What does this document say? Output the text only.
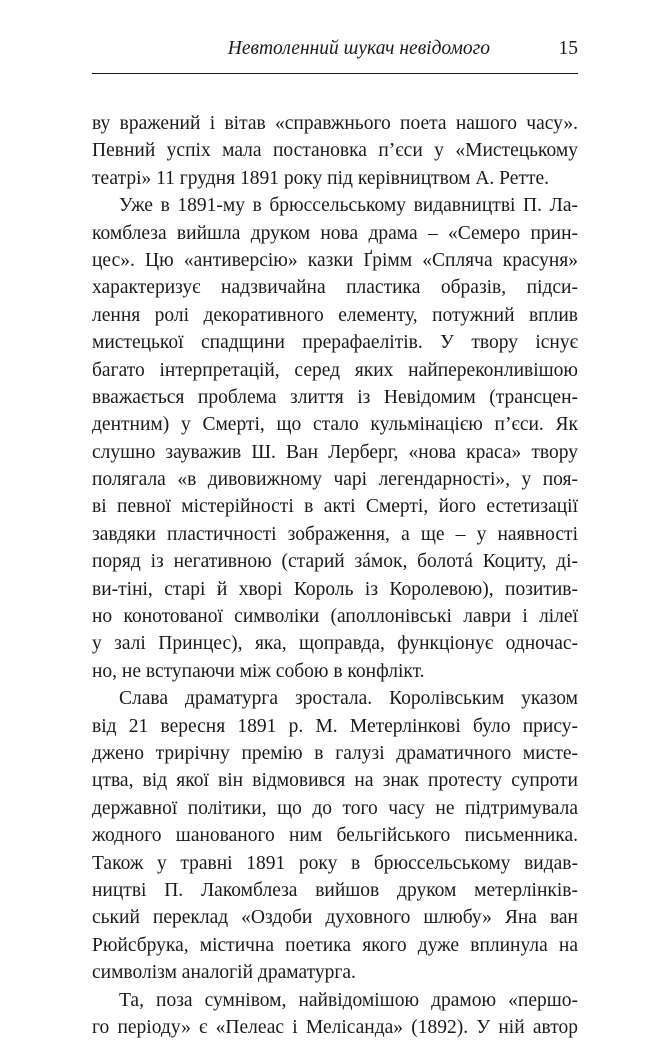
Невтоленний шукач невідомого	15
ву вражений і вітав «справжнього поета нашого часу».
Певний успіх мала постановка п’єси у «Мистецькому
театрі» 11 грудня 1891 року під керівництвом А. Ретте.
Уже в 1891-му в брюссельському видавництві П. Ла-
комблеза вийшла друком нова драма – «Семеро прин-
цес». Цю «антиверсію» казки Ґрімм «Спляча красуня»
характеризує надзвичайна пластика образів, підси-
лення ролі декоративного елементу, потужний вплив
мистецької спадщини прерафаелітів. У твору існує
багато інтерпретацій, серед яких найпереконливішою
вважається проблема злиття із Невідомим (трансцен-
дентним) у Смерті, що стало кульмінацією п’єси. Як
слушно зауважив Ш. Ван Лерберг, «нова краса» твору
полягала «в дивовижному чарі легендарності», у поя-
ві певної містерійності в акті Смерті, його естетизації
завдяки пластичності зображення, а ще – у наявності
поряд із негативною (старий зáмок, болотá Коциту, ді-
ви-тіні, старі й хворі Король із Королевою), позитив-
но конотованої символіки (аполлонівські лаври і лілеї
у залі Принцес), яка, щоправда, функціонує одночас-
но, не вступаючи між собою в конфлікт.
Слава драматурга зростала. Королівським указом
від 21 вересня 1891 р. М. Метерлінкові було прису-
джено трирічну премію в галузі драматичного мисте-
цтва, від якої він відмовився на знак протесту супроти
державної політики, що до того часу не підтримувала
жодного шанованого ним бельгійського письменника.
Також у травні 1891 року в брюссельському видав-
ництві П. Лакомблеза вийшов друком метерлінків-
ський переклад «Оздоби духовного шлюбу» Яна ван
Рюйсбрука, містична поетика якого дуже вплинула на
символізм аналогій драматурга.
Та, поза сумнівом, найвідомішою драмою «першо-
го періоду» є «Пелеас і Мелісанда» (1892). У ній автор
